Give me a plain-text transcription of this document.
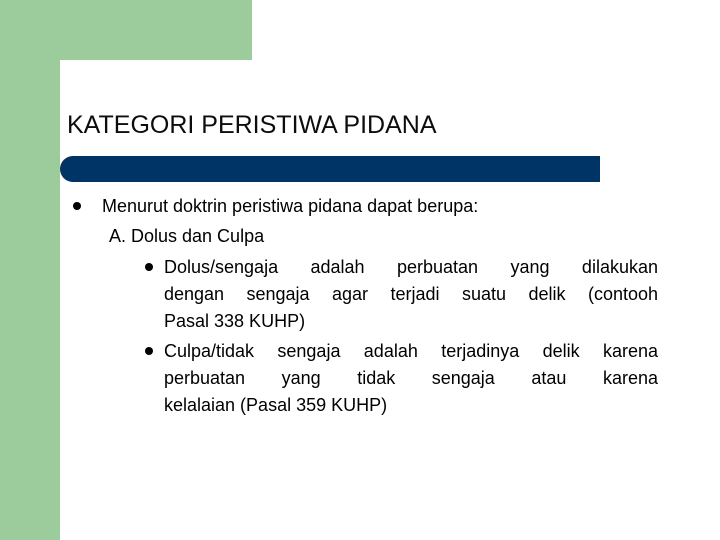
KATEGORI PERISTIWA PIDANA
Menurut doktrin peristiwa pidana dapat berupa:
A. Dolus dan Culpa
Dolus/sengaja adalah perbuatan yang dilakukan
dengan sengaja agar terjadi suatu delik (contooh
Pasal 338 KUHP)
Culpa/tidak sengaja adalah terjadinya delik karena
perbuatan yang tidak sengaja atau karena
kelalaian (Pasal 359 KUHP)
